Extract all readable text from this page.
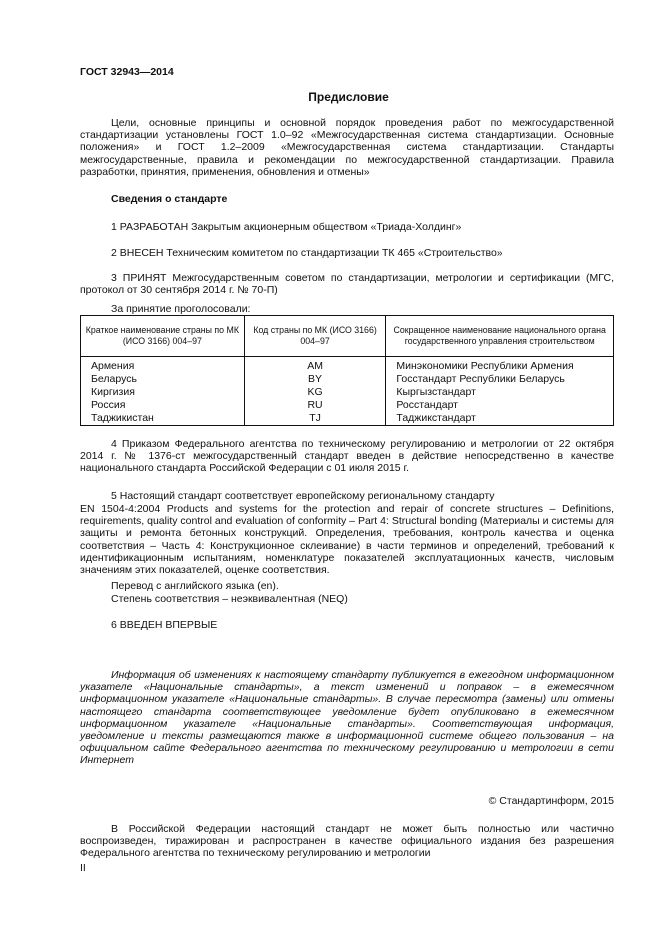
ГОСТ 32943—2014
Предисловие
Цели, основные принципы и основной порядок проведения работ по межгосударственной стандартизации установлены ГОСТ 1.0–92 «Межгосударственная система стандартизации. Основные положения» и ГОСТ 1.2–2009 «Межгосударственная система стандартизации. Стандарты межгосударственные, правила и рекомендации по межгосударственной стандартизации. Правила разработки, принятия, применения, обновления и отмены»
Сведения о стандарте
1 РАЗРАБОТАН Закрытым акционерным обществом «Триада-Холдинг»
2 ВНЕСЕН Техническим комитетом по стандартизации ТК 465 «Строительство»
3 ПРИНЯТ Межгосударственным советом по стандартизации, метрологии и сертификации (МГС, протокол от 30 сентября 2014 г. № 70-П)
За принятие проголосовали:
Краткое наименование страны по МК (ИСО 3166) 004–97	Код страны по МК (ИСО 3166) 004–97	Сокращенное наименование национального органа государственного управления строительством
Армения	AM	Минэкономики Республики Армения
Беларусь	BY	Госстандарт Республики Беларусь
Киргизия	KG	Кыргызстандарт
Россия	RU	Росстандарт
Таджикистан	TJ	Таджикстандарт
4 Приказом Федерального агентства по техническому регулированию и метрологии от 22 октября 2014 г. № 1376-ст межгосударственный стандарт введен в действие непосредственно в качестве национального стандарта Российской Федерации с 01 июля 2015 г.
5 Настоящий стандарт соответствует европейскому региональному стандарту
EN 1504-4:2004 Products and systems for the protection and repair of concrete structures – Definitions, requirements, quality control and evaluation of conformity – Part 4: Structural bonding (Материалы и системы для защиты и ремонта бетонных конструкций. Определения, требования, контроль качества и оценка соответствия – Часть 4: Конструкционное склеивание) в части терминов и определений, требований к идентификационным испытаниям, номенклатуре показателей эксплуатационных качеств, числовым значениям этих показателей, оценке соответствия.
Перевод с английского языка (en).
Степень соответствия – неэквивалентная (NEQ)
6 ВВЕДЕН ВПЕРВЫЕ
Информация об изменениях к настоящему стандарту публикуется в ежегодном информационном указателе «Национальные стандарты», а текст изменений и поправок – в ежемесячном информационном указателе «Национальные стандарты». В случае пересмотра (замены) или отмены настоящего стандарта соответствующее уведомление будет опубликовано в ежемесячном информационном указателе «Национальные стандарты». Соответствующая информация, уведомление и тексты размещаются также в информационной системе общего пользования – на официальном сайте Федерального агентства по техническому регулированию и метрологии в сети Интернет
© Стандартинформ, 2015
В Российской Федерации настоящий стандарт не может быть полностью или частично воспроизведен, тиражирован и распространен в качестве официального издания без разрешения Федерального агентства по техническому регулированию и метрологии
II
